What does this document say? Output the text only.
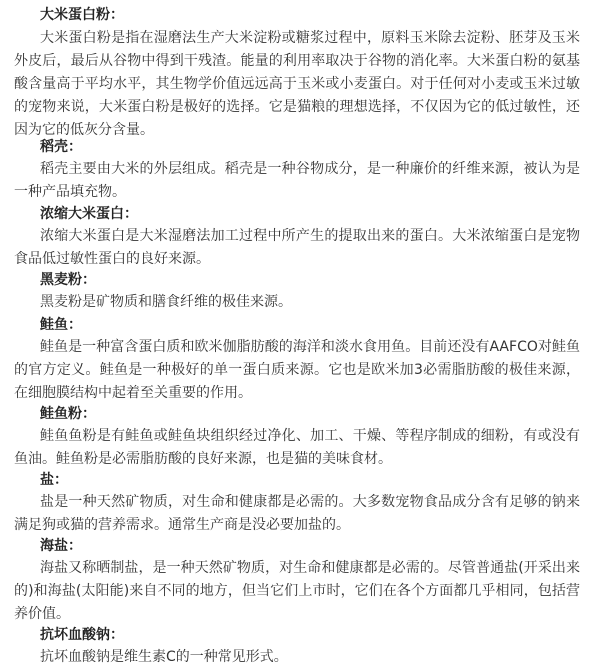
大米蛋白粉：
大米蛋白粉是指在湿磨法生产大米淀粉或糖浆过程中，原料玉米除去淀粉、胚芽及玉米外皮后，最后从谷物中得到干残渣。能量的利用率取决于谷物的消化率。大米蛋白粉的氨基酸含量高于平均水平，其生物学价值远远高于玉米或小麦蛋白。对于任何对小麦或玉米过敏的宠物来说，大米蛋白粉是极好的选择。它是猫粮的理想选择，不仅因为它的低过敏性，还因为它的低灰分含量。
稻壳：
稻壳主要由大米的外层组成。稻壳是一种谷物成分，是一种廉价的纤维来源，被认为是一种产品填充物。
浓缩大米蛋白：
浓缩大米蛋白是大米湿磨法加工过程中所产生的提取出来的蛋白。大米浓缩蛋白是宠物食品低过敏性蛋白的良好来源。
黑麦粉：
黑麦粉是矿物质和膳食纤维的极佳来源。
鲑鱼：
鲑鱼是一种富含蛋白质和欧米伽脂肪酸的海洋和淡水食用鱼。目前还没有AAFCO对鲑鱼的官方定义。鲑鱼是一种极好的单一蛋白质来源。它也是欧米加3必需脂肪酸的极佳来源，在细胞膜结构中起着至关重要的作用。
鲑鱼粉：
鲑鱼鱼粉是有鲑鱼或鲑鱼块组织经过净化、加工、干燥、等程序制成的细粉，有或没有鱼油。鲑鱼粉是必需脂肪酸的良好来源，也是猫的美味食材。
盐：
盐是一种天然矿物质，对生命和健康都是必需的。大多数宠物食品成分含有足够的钠来满足狗或猫的营养需求。通常生产商是没必要加盐的。
海盐：
海盐又称晒制盐，是一种天然矿物质，对生命和健康都是必需的。尽管普通盐(开采出来的)和海盐(太阳能)来自不同的地方，但当它们上市时，它们在各个方面都几乎相同，包括营养价值。
抗坏血酸钠：
抗坏血酸钠是维生素C的一种常见形式。
